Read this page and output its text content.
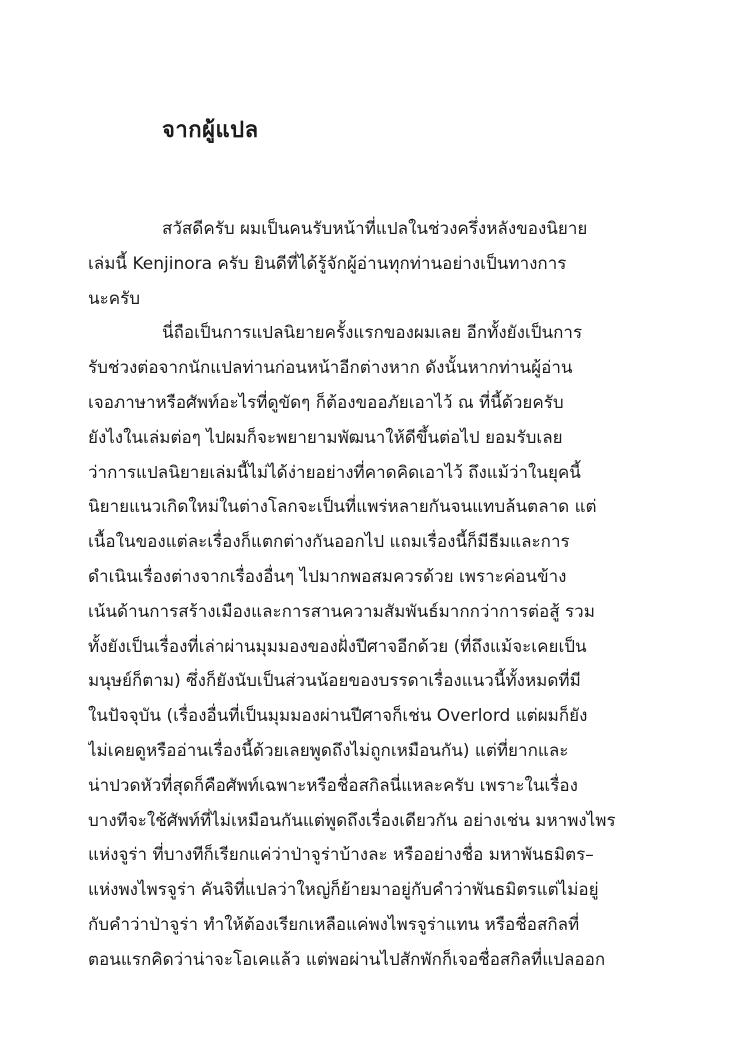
จากผู้แปล
สวัสดีครับ ผมเป็นคนรับหน้าที่แปลในช่วงครึ่งหลังของนิยาย
เล่มนี้ Kenjinora ครับ ยินดีที่ได้รู้จักผู้อ่านทุกท่านอย่างเป็นทางการ
นะครับ
นี่ถือเป็นการแปลนิยายครั้งแรกของผมเลย อีกทั้งยังเป็นการ
รับช่วงต่อจากนักแปลท่านก่อนหน้าอีกต่างหาก ดังนั้นหากท่านผู้อ่าน
เจอภาษาหรือศัพท์อะไรที่ดูขัดๆ ก็ต้องขออภัยเอาไว้ ณ ที่นี้ด้วยครับ
ยังไงในเล่มต่อๆ ไปผมก็จะพยายามพัฒนาให้ดีขึ้นต่อไป ยอมรับเลย
ว่าการแปลนิยายเล่มนี้ไม่ได้ง่ายอย่างที่คาดคิดเอาไว้ ถึงแม้ว่าในยุคนี้
นิยายแนวเกิดใหม่ในต่างโลกจะเป็นที่แพร่หลายกันจนแทบล้นตลาด แต่
เนื้อในของแต่ละเรื่องก็แตกต่างกันออกไป แถมเรื่องนี้ก็มีธีมและการ
ดำเนินเรื่องต่างจากเรื่องอื่นๆ ไปมากพอสมควรด้วย เพราะค่อนข้าง
เน้นด้านการสร้างเมืองและการสานความสัมพันธ์มากกว่าการต่อสู้ รวม
ทั้งยังเป็นเรื่องที่เล่าผ่านมุมมองของฝั่งปีศาจอีกด้วย (ที่ถึงแม้จะเคยเป็น
มนุษย์ก็ตาม) ซึ่งก็ยังนับเป็นส่วนน้อยของบรรดาเรื่องแนวนี้ทั้งหมดที่มี
ในปัจจุบัน (เรื่องอื่นที่เป็นมุมมองผ่านปีศาจก็เช่น Overlord แต่ผมก็ยัง
ไม่เคยดูหรืออ่านเรื่องนี้ด้วยเลยพูดถึงไม่ถูกเหมือนกัน) แต่ที่ยากและ
น่าปวดหัวที่สุดก็คือศัพท์เฉพาะหรือชื่อสกิลนี่แหละครับ เพราะในเรื่อง
บางทีจะใช้ศัพท์ที่ไม่เหมือนกันแต่พูดถึงเรื่องเดียวกัน อย่างเช่น มหาพงไพร
แห่งจูร่า ที่บางทีก็เรียกแค่ว่าป่าจูร่าบ้างละ หรืออย่างชื่อ มหาพันธมิตร–
แห่งพงไพรจูร่า คันจิที่แปลว่าใหญ่ก็ย้ายมาอยู่กับคำว่าพันธมิตรแต่ไม่อยู่
กับคำว่าป่าจูร่า ทำให้ต้องเรียกเหลือแค่พงไพรจูร่าแทน หรือชื่อสกิลที่
ตอนแรกคิดว่าน่าจะโอเคแล้ว แต่พอผ่านไปสักพักก็เจอชื่อสกิลที่แปลออก
